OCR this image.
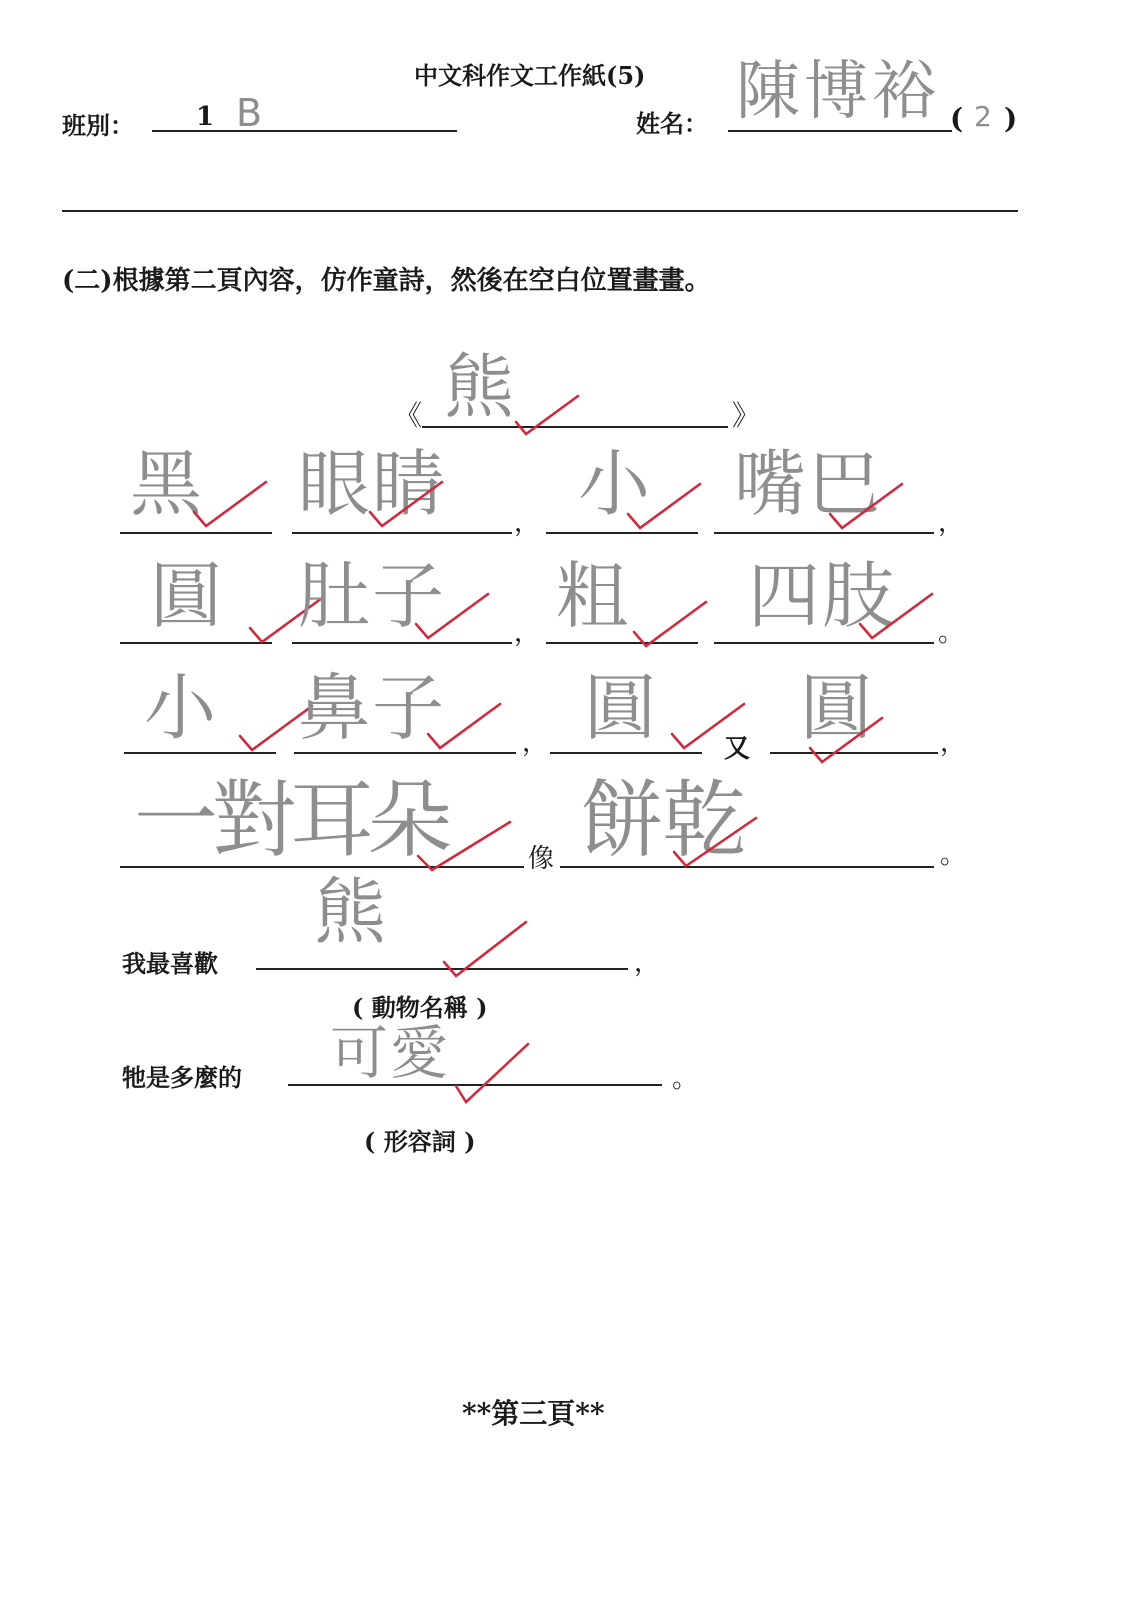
中文科作文工作紙(5)
班別： 1 B	姓名： 陳博裕 ( 2 )
(二)根據第二頁內容，仿作童詩，然後在空白位置畫畫。
《 熊	》
黑 眼睛	， 小 嘴巴 ，
圓 肚子	， 粗 四肢 。
小 鼻子	， 圓	又 圓	，
一對耳朵	像 餅乾	。
我最喜歡
熊
，
( 動物名稱 )
牠是多麼的 可愛	。
( 形容詞 )
**第三頁**
